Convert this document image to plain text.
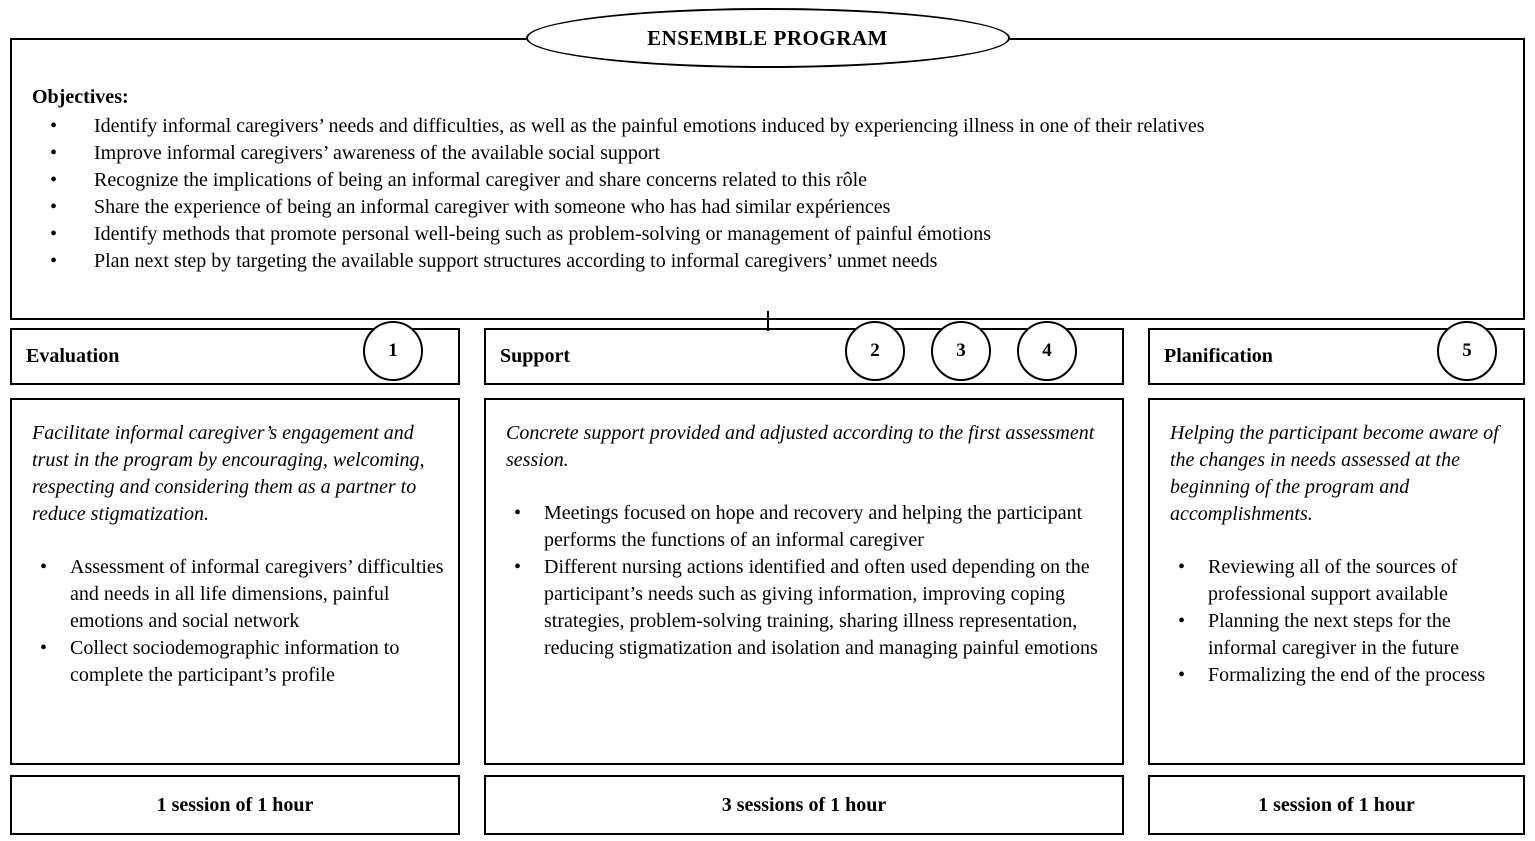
ENSEMBLE PROGRAM
Objectives:
• Identify informal caregivers’ needs and difficulties, as well as the painful emotions induced by experiencing illness in one of their relatives
• Improve informal caregivers’ awareness of the available social support
• Recognize the implications of being an informal caregiver and share concerns related to this rôle
• Share the experience of being an informal caregiver with someone who has had similar expériences
• Identify methods that promote personal well-being such as problem-solving or management of painful émotions
• Plan next step by targeting the available support structures according to informal caregivers’ unmet needs
Evaluation	1

Facilitate informal caregiver’s engagement and trust in the program by encouraging, welcoming, respecting and considering them as a partner to reduce stigmatization.

• Assessment of informal caregivers’ difficulties and needs in all life dimensions, painful emotions and social network
• Collect sociodemographic information to complete the participant’s profile
1 session of 1 hour
Support	2	3	4

Concrete support provided and adjusted according to the first assessment session.

• Meetings focused on hope and recovery and helping the participant performs the functions of an informal caregiver
• Different nursing actions identified and often used depending on the participant’s needs such as giving information, improving coping strategies, problem-solving training, sharing illness representation, reducing stigmatization and isolation and managing painful emotions
3 sessions of 1 hour
Planification	5

Helping the participant become aware of the changes in needs assessed at the beginning of the program and accomplishments.

• Reviewing all of the sources of professional support available
• Planning the next steps for the informal caregiver in the future
• Formalizing the end of the process
1 session of 1 hour
